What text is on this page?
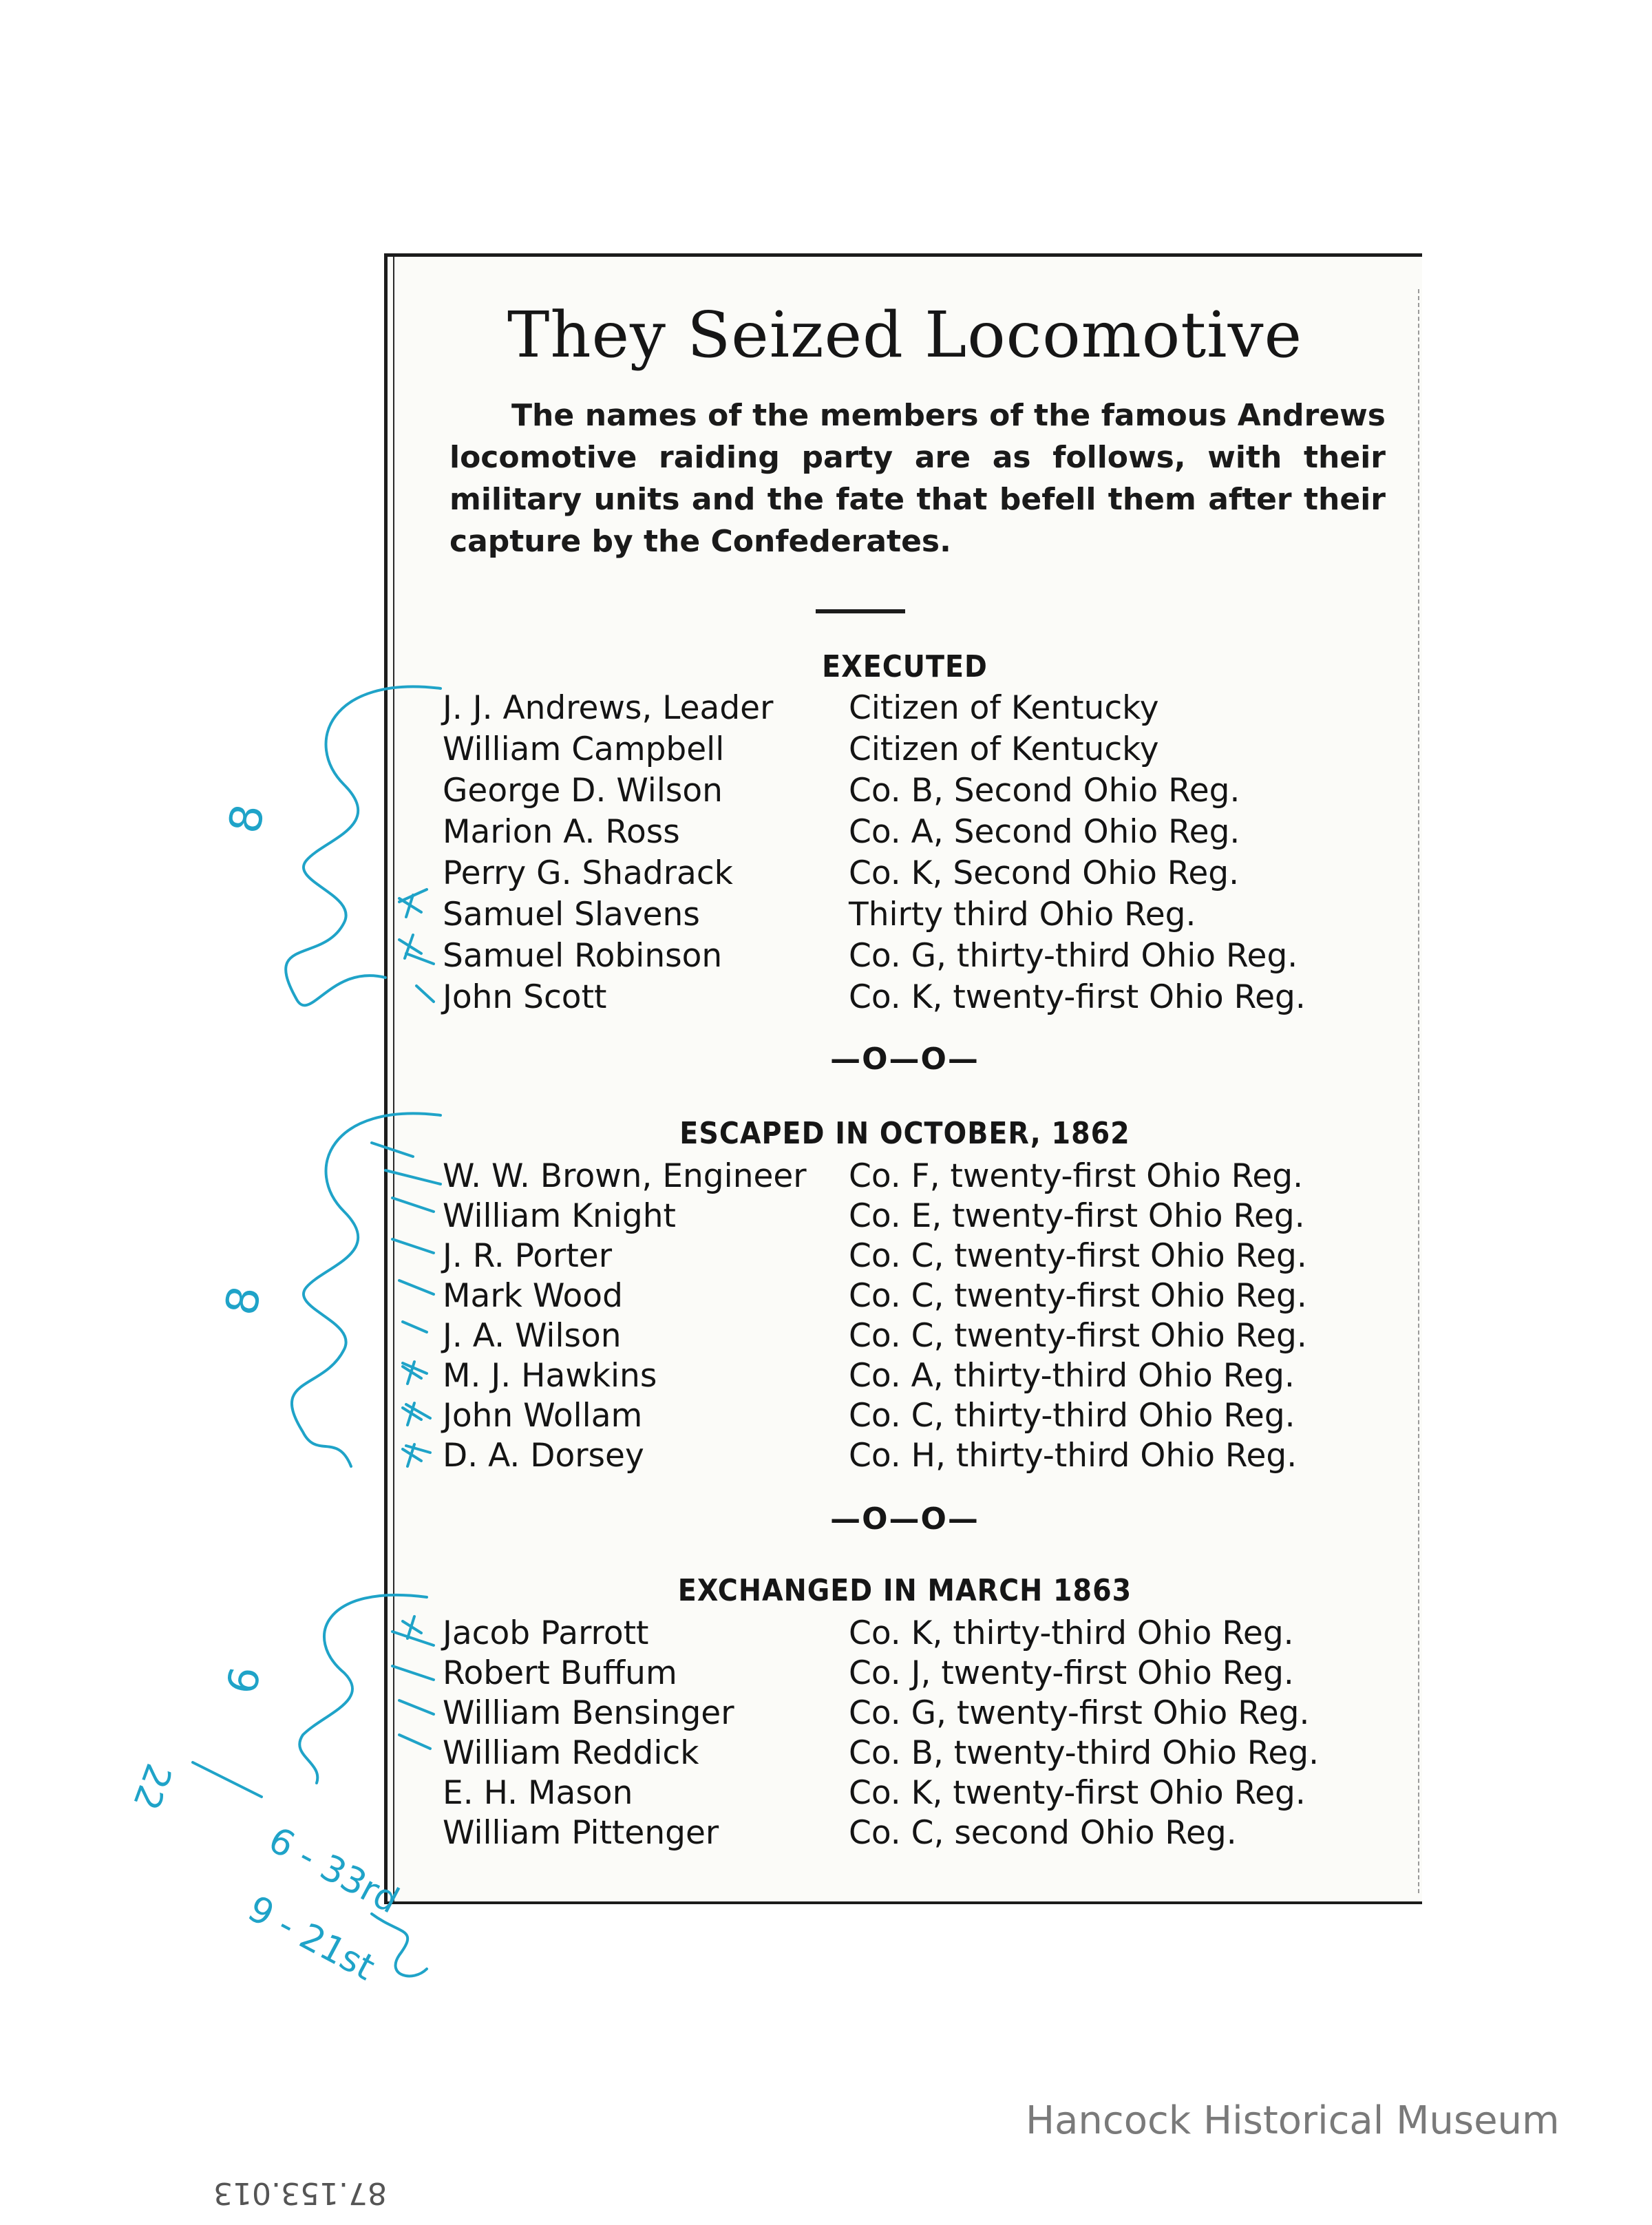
They Seized Locomotive
The names of the members of the famous Andrews locomotive raiding party are as follows, with their military units and the fate that befell them after their capture by the Confederates.
EXECUTED
J. J. Andrews, Leader Citizen of Kentucky
William Campbell	Citizen of Kentucky
George D. Wilson	Co. B, Second Ohio Reg.
Marion A. Ross	Co. A, Second Ohio Reg.
Perry G. Shadrack	Co. K, Second Ohio Reg.
Samuel Slavens	Thirty third Ohio Reg.
Samuel Robinson	Co. G, thirty-third Ohio Reg.
John Scott	Co. K, twenty-first Ohio Reg.
—O—O—
ESCAPED IN OCTOBER, 1862
W. W. Brown, Engineer Co. F, twenty-first Ohio Reg.
William Knight	Co. E, twenty-first Ohio Reg.
J. R. Porter	Co. C, twenty-first Ohio Reg.
Mark Wood	Co. C, twenty-first Ohio Reg.
J. A. Wilson	Co. C, twenty-first Ohio Reg.
M. J. Hawkins	Co. A, thirty-third Ohio Reg.
John Wollam	Co. C, thirty-third Ohio Reg.
D. A. Dorsey	Co. H, thirty-third Ohio Reg.
—O—O—
EXCHANGED IN MARCH 1863
Jacob Parrott	Co. K, thirty-third Ohio Reg.
Robert Buffum	Co. J, twenty-first Ohio Reg.
William Bensinger	Co. G, twenty-first Ohio Reg.
William Reddick	Co. B, twenty-third Ohio Reg.
E. H. Mason	Co. K, twenty-first Ohio Reg.
William Pittenger	Co. C, second Ohio Reg.
8
8
6
22
6 - 33rd
9 - 21st
Hancock Historical Museum
87.153.013
